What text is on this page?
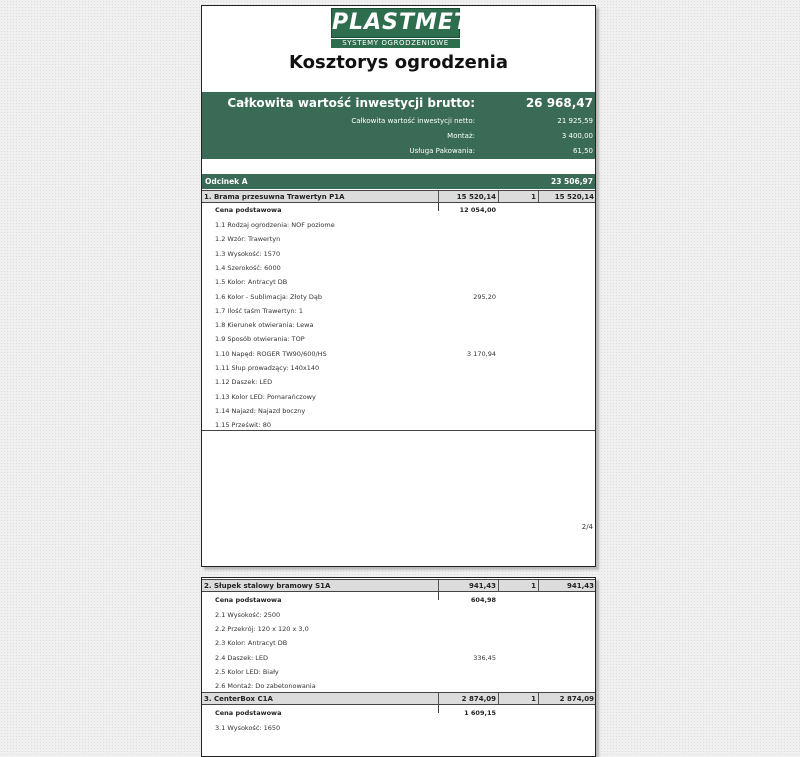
PLASTMET
SYSTEMY OGRODZENIOWE
Kosztorys ogrodzenia
Całkowita wartość inwestycji brutto:	26 968,47
Całkowita wartość inwestycji netto:	21 925,59
Montaż:	3 400,00
Usługa Pakowania:	61,50
Odcinek A	23 506,97
1. Brama przesuwna Trawertyn P1A	15 520,14	1	15 520,14
Cena podstawowa	12 054,00
1.1 Rodzaj ogrodzenia: NOF poziome
1.2 Wzór: Trawertyn
1.3 Wysokość: 1570
1.4 Szerokość: 6000
1.5 Kolor: Antracyt DB
1.6 Kolor - Sublimacja: Złoty Dąb	295,20
1.7 Ilość taśm Trawertyn: 1
1.8 Kierunek otwierania: Lewa
1.9 Sposób otwierania: TOP
1.10 Napęd: ROGER TW90/600/HS	3 170,94
1.11 Słup prowadzący: 140x140
1.12 Daszek: LED
1.13 Kolor LED: Pomarańczowy
1.14 Najazd: Najazd boczny
1.15 Prześwit: 80
2/4
2. Słupek stalowy bramowy S1A	941,43	1	941,43
Cena podstawowa	604,98
2.1 Wysokość: 2500
2.2 Przekrój: 120 x 120 x 3,0
2.3 Kolor: Antracyt DB
2.4 Daszek: LED	336,45
2.5 Kolor LED: Biały
2.6 Montaż: Do zabetonowania
3. CenterBox C1A	2 874,09	1	2 874,09
Cena podstawowa	1 609,15
3.1 Wysokość: 1650
